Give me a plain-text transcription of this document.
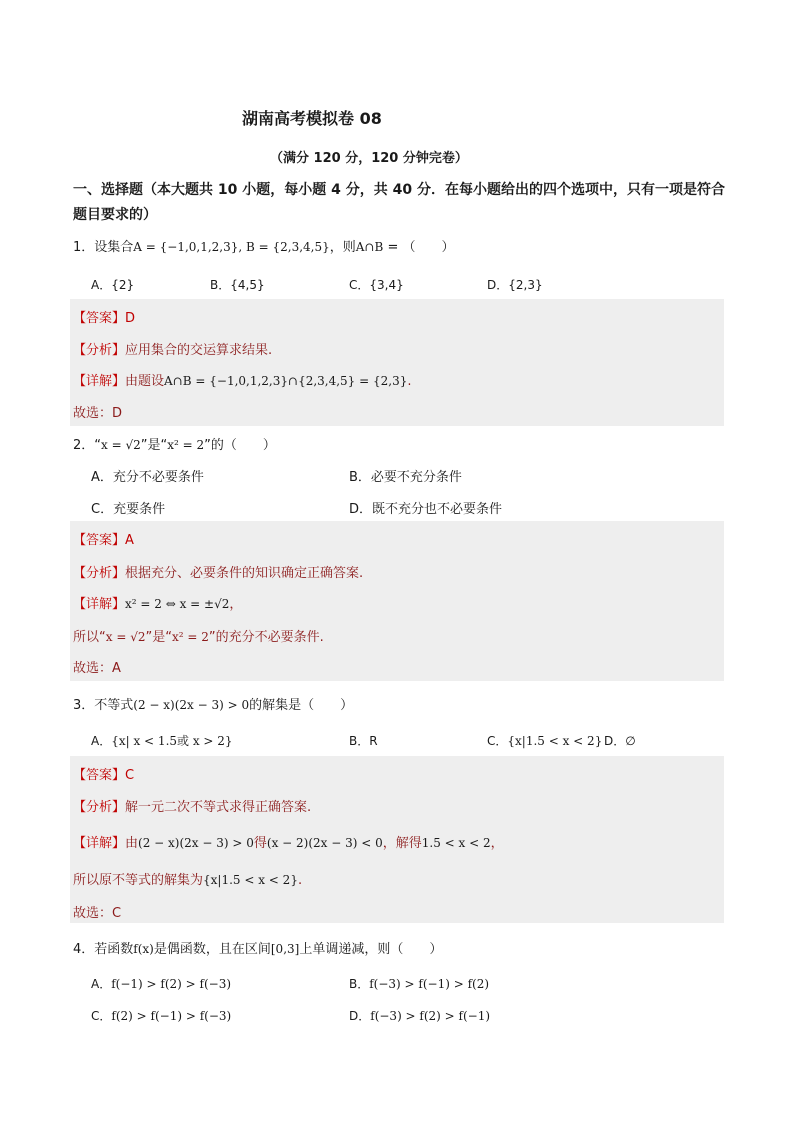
湖南高考模拟卷 08
（满分 120 分，120 分钟完卷）
一、选择题（本大题共 10 小题，每小题 4 分，共 40 分．在每小题给出的四个选项中，只有一项是符合题目要求的）
1．设集合A = {−1,0,1,2,3}, B = {2,3,4,5}，则A∩B = （　　）
A．{2}	B．{4,5}	C．{3,4}	D．{2,3}
【答案】D
【分析】应用集合的交运算求结果.
【详解】由题设A∩B = {−1,0,1,2,3}∩{2,3,4,5} = {2,3}.
故选：D
2．“x = √2”是“x² = 2”的（　　）
A．充分不必要条件	B．必要不充分条件
C．充要条件	D．既不充分也不必要条件
【答案】A
【分析】根据充分、必要条件的知识确定正确答案.
【详解】x² = 2 ⇔ x = ±√2，
所以“x = √2”是“x² = 2”的充分不必要条件.
故选：A
3．不等式(2 − x)(2x − 3) > 0的解集是（　　）
A．{x| x < 1.5或 x > 2}	B．R	C．{x|1.5 < x < 2} D．∅
【答案】C
【分析】解一元二次不等式求得正确答案.
【详解】由(2 − x)(2x − 3) > 0得(x − 2)(2x − 3) < 0，解得1.5 < x < 2，
所以原不等式的解集为{x|1.5 < x < 2}.
故选：C
4．若函数f(x)是偶函数，且在区间[0,3]上单调递减，则（　　）
A．f(−1) > f(2) > f(−3)	B．f(−3) > f(−1) > f(2)
C．f(2) > f(−1) > f(−3)	D．f(−3) > f(2) > f(−1)
